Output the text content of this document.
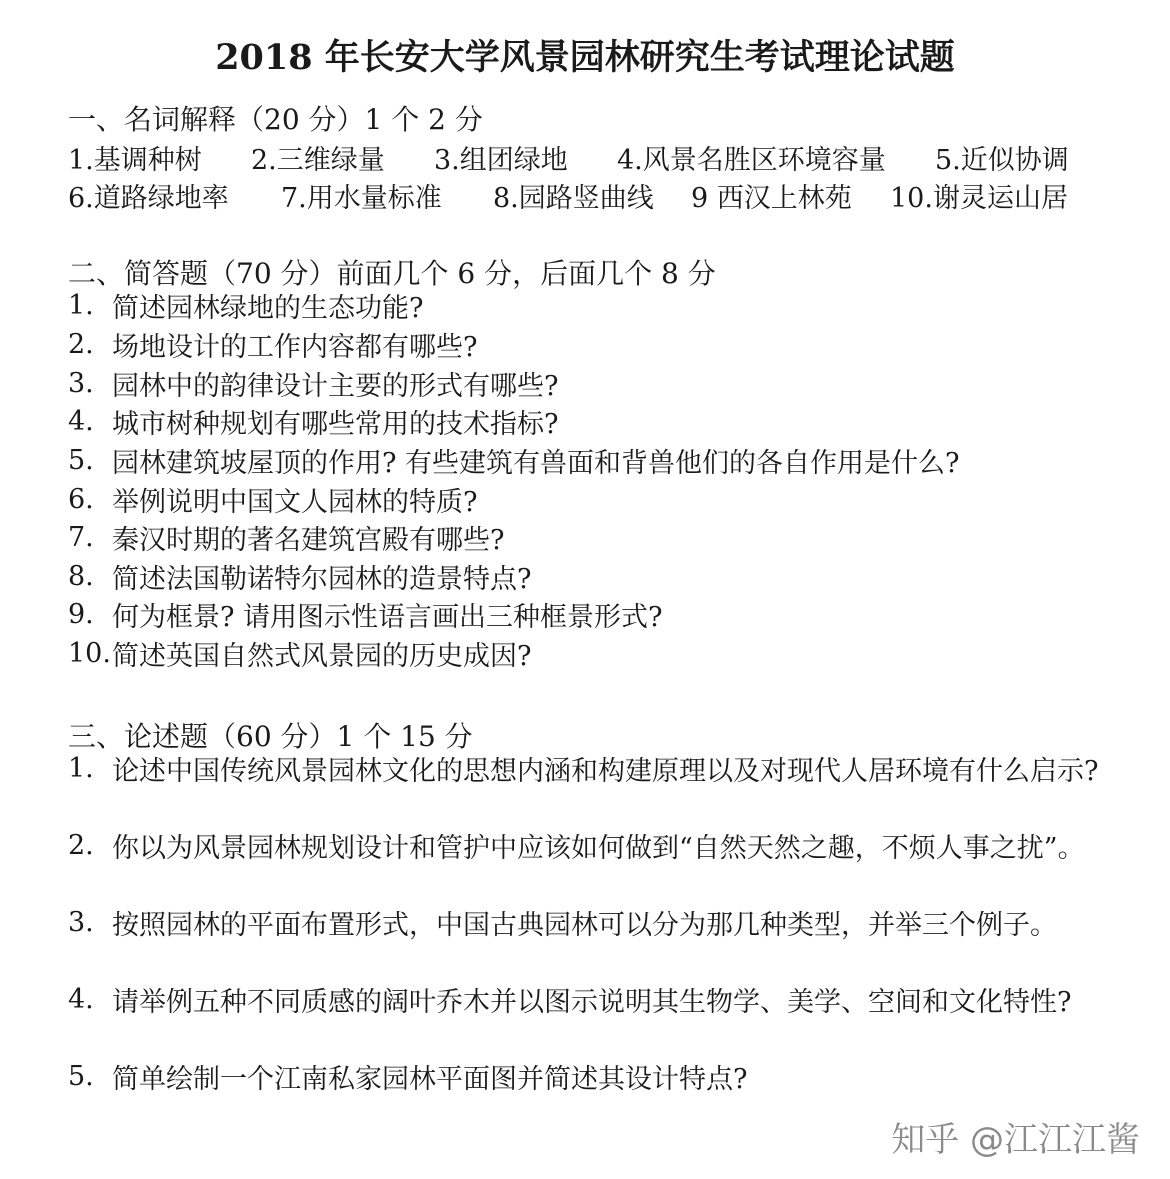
2018 年长安大学风景园林研究生考试理论试题
一、名词解释（20 分）1 个 2 分
1.基调种树 2.三维绿量 3.组团绿地 4.风景名胜区环境容量 5.近似协调
6.道路绿地率 7.用水量标准 8.园路竖曲线 9 西汉上林苑 10.谢灵运山居
二、简答题（70 分）前面几个 6 分，后面几个 8 分
1. 简述园林绿地的生态功能?
2. 场地设计的工作内容都有哪些?
3. 园林中的韵律设计主要的形式有哪些?
4. 城市树种规划有哪些常用的技术指标?
5. 园林建筑坡屋顶的作用? 有些建筑有兽面和背兽他们的各自作用是什么?
6. 举例说明中国文人园林的特质?
7. 秦汉时期的著名建筑宫殿有哪些?
8. 简述法国勒诺特尔园林的造景特点?
9. 何为框景? 请用图示性语言画出三种框景形式?
10. 简述英国自然式风景园的历史成因?
三、论述题（60 分）1 个 15 分
1. 论述中国传统风景园林文化的思想内涵和构建原理以及对现代人居环境有什么启示?
2. 你以为风景园林规划设计和管护中应该如何做到“自然天然之趣，不烦人事之扰”。
3. 按照园林的平面布置形式，中国古典园林可以分为那几种类型，并举三个例子。
4. 请举例五种不同质感的阔叶乔木并以图示说明其生物学、美学、空间和文化特性?
5. 简单绘制一个江南私家园林平面图并简述其设计特点?
知乎 @江江江酱
